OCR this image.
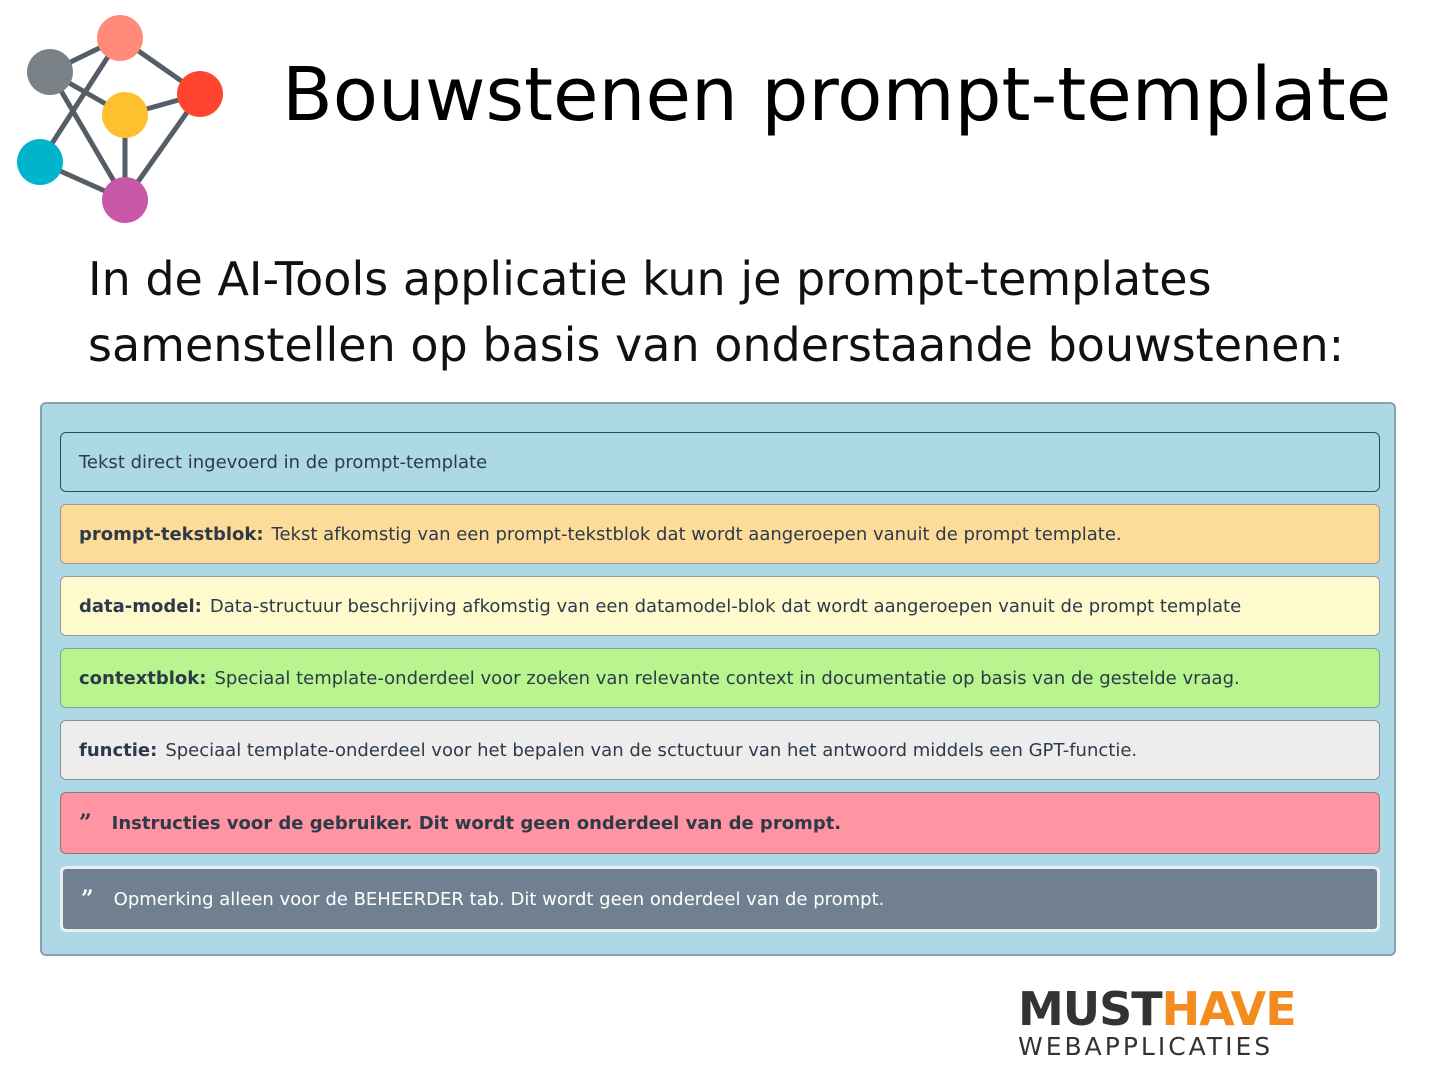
Bouwstenen prompt-template
In de AI-Tools applicatie kun je prompt-templates
samenstellen op basis van onderstaande bouwstenen:
Tekst direct ingevoerd in de prompt-template
prompt-tekstblok: Tekst afkomstig van een prompt-tekstblok dat wordt aangeroepen vanuit de prompt template.
data-model: Data-structuur beschrijving afkomstig van een datamodel-blok dat wordt aangeroepen vanuit de prompt template
contextblok: Speciaal template-onderdeel voor zoeken van relevante context in documentatie op basis van de gestelde vraag.
functie: Speciaal template-onderdeel voor het bepalen van de sctuctuur van het antwoord middels een GPT-functie.
” Instructies voor de gebruiker. Dit wordt geen onderdeel van de prompt.
” Opmerking alleen voor de BEHEERDER tab. Dit wordt geen onderdeel van de prompt.
MUSTHAVE
WEBAPPLICATIES
